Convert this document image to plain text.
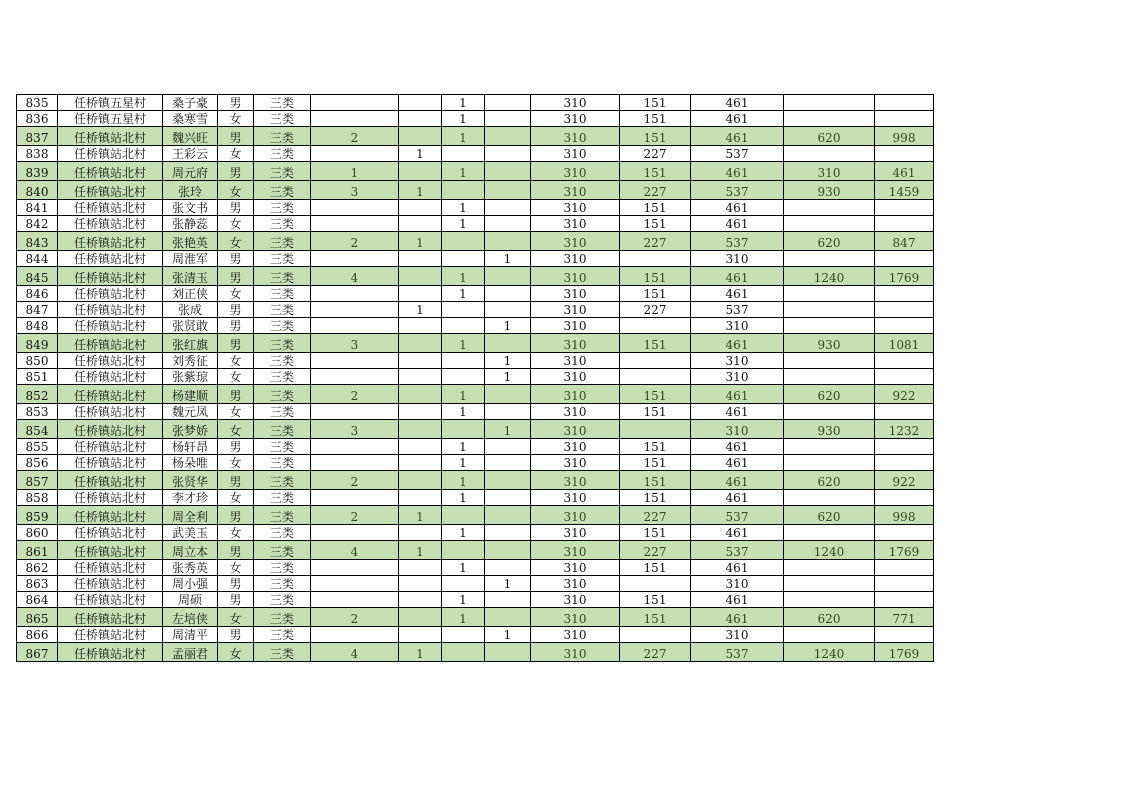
835	任桥镇五星村	桑子豪	男	三类			1		310	151	461		
836	任桥镇五星村	桑寒雪	女	三类			1		310	151	461		
837	任桥镇站北村	魏兴旺	男	三类	2		1		310	151	461	620	998
838	任桥镇站北村	王彩云	女	三类		1			310	227	537		
839	任桥镇站北村	周元府	男	三类	1		1		310	151	461	310	461
840	任桥镇站北村	张玲	女	三类	3	1			310	227	537	930	1459
841	任桥镇站北村	张文书	男	三类			1		310	151	461		
842	任桥镇站北村	张静蕊	女	三类			1		310	151	461		
843	任桥镇站北村	张艳英	女	三类	2	1			310	227	537	620	847
844	任桥镇站北村	周淮军	男	三类				1	310		310		
845	任桥镇站北村	张清玉	男	三类	4		1		310	151	461	1240	1769
846	任桥镇站北村	刘正侠	女	三类			1		310	151	461		
847	任桥镇站北村	张成	男	三类		1			310	227	537		
848	任桥镇站北村	张贤敢	男	三类				1	310		310		
849	任桥镇站北村	张红旗	男	三类	3		1		310	151	461	930	1081
850	任桥镇站北村	刘秀征	女	三类				1	310		310		
851	任桥镇站北村	张紫琼	女	三类				1	310		310		
852	任桥镇站北村	杨建顺	男	三类	2		1		310	151	461	620	922
853	任桥镇站北村	魏元凤	女	三类			1		310	151	461		
854	任桥镇站北村	张梦娇	女	三类	3			1	310		310	930	1232
855	任桥镇站北村	杨轩昂	男	三类			1		310	151	461		
856	任桥镇站北村	杨朵唯	女	三类			1		310	151	461		
857	任桥镇站北村	张贤华	男	三类	2		1		310	151	461	620	922
858	任桥镇站北村	李才珍	女	三类			1		310	151	461		
859	任桥镇站北村	周全利	男	三类	2	1			310	227	537	620	998
860	任桥镇站北村	武美玉	女	三类			1		310	151	461		
861	任桥镇站北村	周立本	男	三类	4	1			310	227	537	1240	1769
862	任桥镇站北村	张秀英	女	三类			1		310	151	461		
863	任桥镇站北村	周小强	男	三类				1	310		310		
864	任桥镇站北村	周硕	男	三类			1		310	151	461		
865	任桥镇站北村	左培侠	女	三类	2		1		310	151	461	620	771
866	任桥镇站北村	周清平	男	三类				1	310		310		
867	任桥镇站北村	孟丽君	女	三类	4	1			310	227	537	1240	1769
